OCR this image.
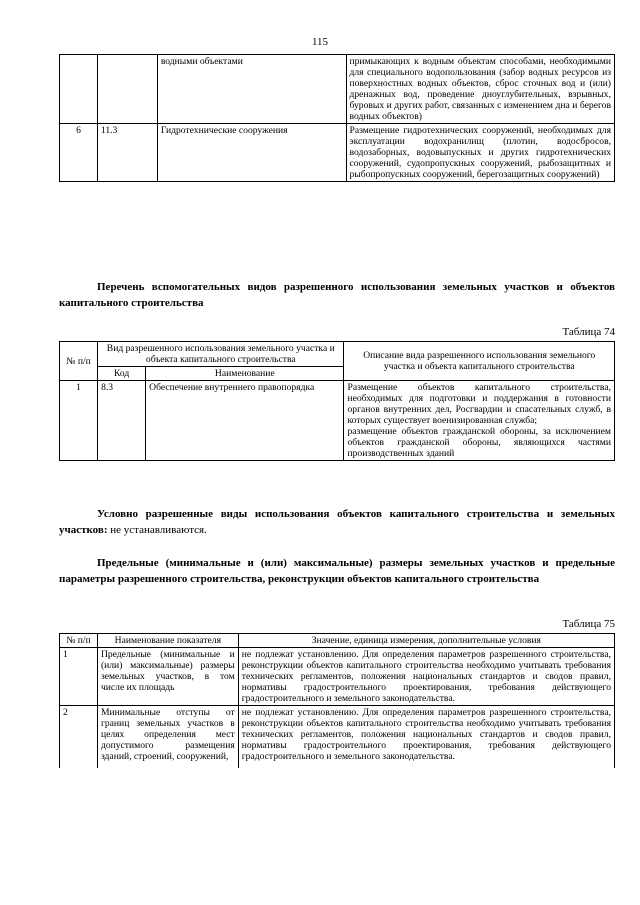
115
		водными объектами	примыкающих к водным объектам способами, необходимыми для специального водопользования (забор водных ресурсов из поверхностных водных объектов, сброс сточных вод и (или) дренажных вод, проведение дноуглубительных, взрывных, буровых и других работ, связанных с изменением дна и берегов водных объектов)
6	11.3	Гидротехнические сооружения	Размещение гидротехнических сооружений, необходимых для эксплуатации водохранилищ (плотин, водосбросов, водозаборных, водовыпускных и других гидротехнических сооружений, судопропускных сооружений, рыбозащитных и рыбопропускных сооружений, берегозащитных сооружений)
Перечень вспомогательных видов разрешенного использования земельных участков и объектов капитального строительства
Таблица 74
№ п/п	Вид разрешенного использования земельного участка и объекта капитального строительства		Описание вида разрешенного использования земельного участка и объекта капитального строительства
	Код	Наименование	
1	8.3	Обеспечение внутреннего правопорядка	Размещение объектов капитального строительства, необходимых для подготовки и поддержания в готовности органов внутренних дел, Росгвардии и спасательных служб, в которых существует военизированная служба;
размещение объектов гражданской обороны, за исключением объектов гражданской обороны, являющихся частями производственных зданий
Условно разрешенные виды использования объектов капитального строительства и земельных участков: не устанавливаются.
Предельные (минимальные и (или) максимальные) размеры земельных участков и предельные параметры разрешенного строительства, реконструкции объектов капитального строительства
Таблица 75
№ п/п	Наименование показателя	Значение, единица измерения, дополнительные условия
1	Предельные (минимальные и (или) максимальные) размеры земельных участков, в том числе их площадь	не подлежат установлению. Для определения параметров разрешенного строительства, реконструкции объектов капитального строительства необходимо учитывать требования технических регламентов, положения национальных стандартов и сводов правил, нормативы градостроительного проектирования, требования действующего градостроительного и земельного законодательства.
2	Минимальные отступы от границ земельных участков в целях определения мест допустимого размещения зданий, строений, сооружений,	не подлежат установлению. Для определения параметров разрешенного строительства, реконструкции объектов капитального строительства необходимо учитывать требования технических регламентов, положения национальных стандартов и сводов правил, нормативы градостроительного проектирования, требования действующего градостроительного и земельного законодательства.
